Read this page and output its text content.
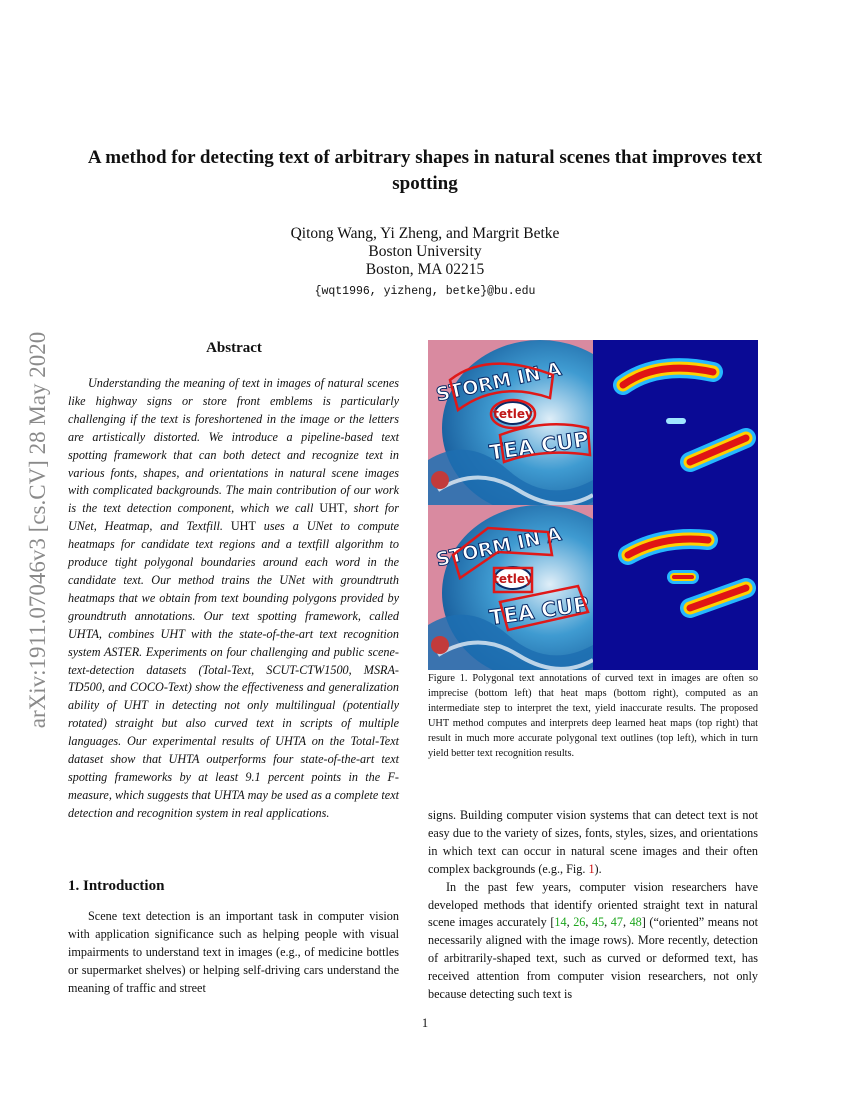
arXiv:1911.07046v3 [cs.CV] 28 May 2020
A method for detecting text of arbitrary shapes in natural scenes that improves text spotting
Qitong Wang, Yi Zheng, and Margrit Betke
Boston University
Boston, MA 02215
{wqt1996, yizheng, betke}@bu.edu
Abstract

Understanding the meaning of text in images of natural scenes like highway signs or store front emblems is particularly challenging if the text is foreshortened in the image or the letters are artistically distorted. We introduce a pipeline-based text spotting framework that can both detect and recognize text in various fonts, shapes, and orientations in natural scene images with complicated backgrounds. The main contribution of our work is the text detection component, which we call UHT, short for UNet, Heatmap, and Textfill. UHT uses a UNet to compute heatmaps for candidate text regions and a textfill algorithm to produce tight polygonal boundaries around each word in the candidate text. Our method trains the UNet with groundtruth heatmaps that we obtain from text bounding polygons provided by groundtruth annotations. Our text spotting framework, called UHTA, combines UHT with the state-of-the-art text recognition system ASTER. Experiments on four challenging and public scene-text-detection datasets (Total-Text, SCUT-CTW1500, MSRA-TD500, and COCO-Text) show the effectiveness and generalization ability of UHT in detecting not only multilingual (potentially rotated) straight but also curved text in scripts of multiple languages. Our experimental results of UHTA on the Total-Text dataset show that UHTA outperforms four state-of-the-art text spotting frameworks by at least 9.1 percent points in the F-measure, which suggests that UHTA may be used as a complete text detection and recognition system in real applications.

1. Introduction

Scene text detection is an important task in computer vision with application significance such as helping people with visual impairments to understand text in images (e.g., of medicine bottles or supermarket shelves) or helping self-driving cars understand the meaning of traffic and street

Figure 1. Polygonal text annotations of curved text in images are often so imprecise (bottom left) that heat maps (bottom right), computed as an intermediate step to interpret the text, yield inaccurate results. The proposed UHT method computes and interprets deep learned heat maps (top right) that result in much more accurate polygonal text outlines (top left), which in turn yield better text recognition results.

signs. Building computer vision systems that can detect text is not easy due to the variety of sizes, fonts, styles, sizes, and orientations in which text can occur in natural scene images and their often complex backgrounds (e.g., Fig. 1).

In the past few years, computer vision researchers have developed methods that identify oriented straight text in natural scene images accurately [14, 26, 45, 47, 48] (“oriented” means not necessarily aligned with the image rows). More recently, detection of arbitrarily-shaped text, such as curved or deformed text, has received attention from computer vision researchers, not only because detecting such text is

1
